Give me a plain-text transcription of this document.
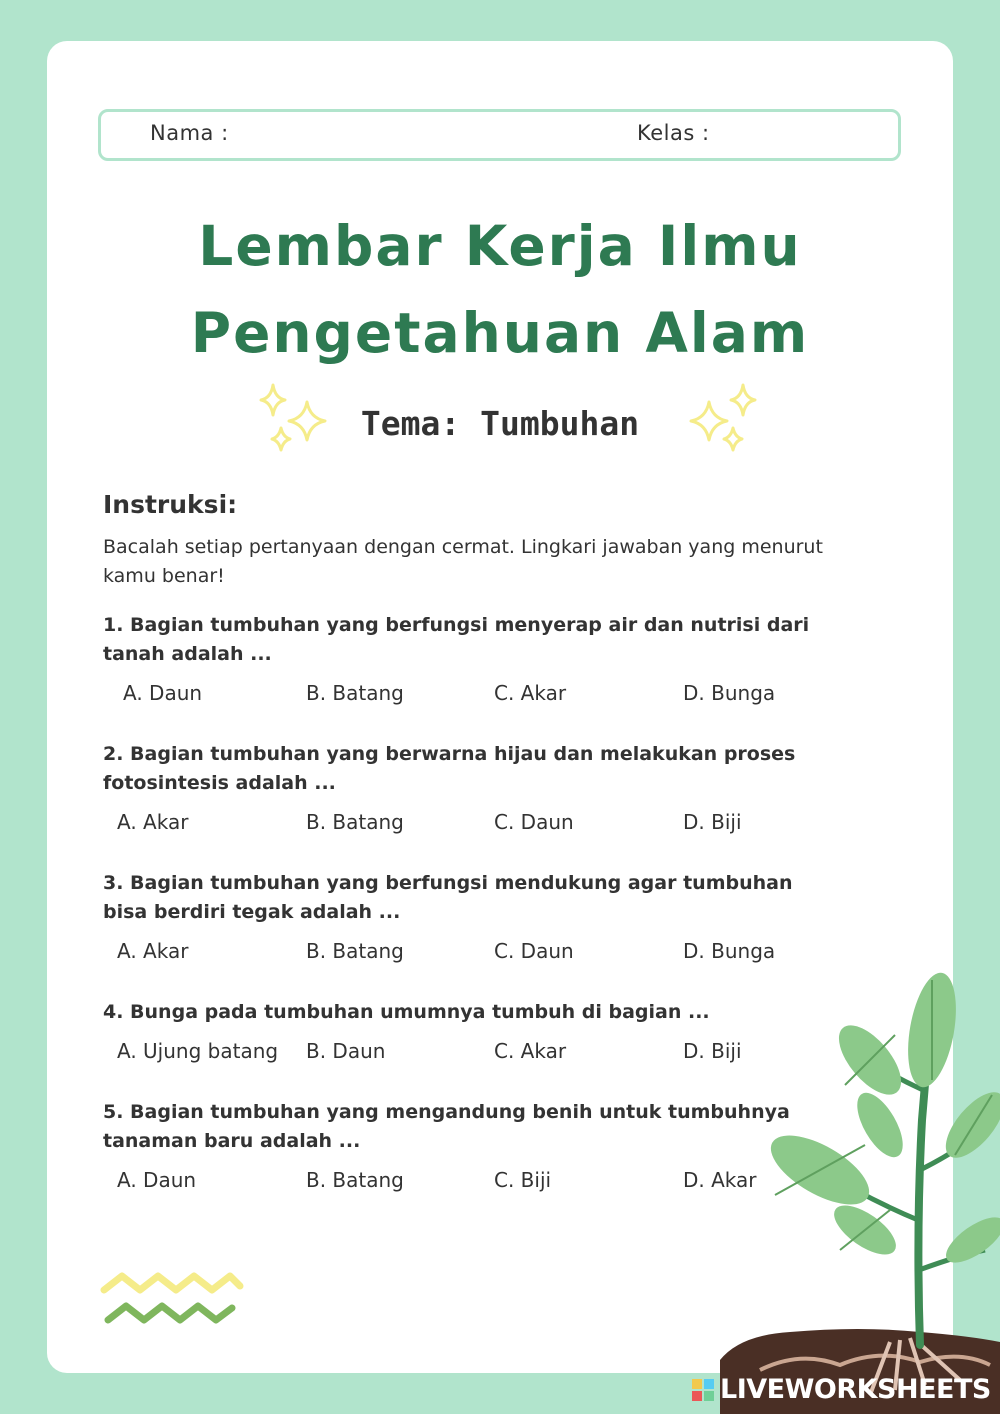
Nama :	Kelas :
Lembar Kerja Ilmu
Pengetahuan Alam
Tema: Tumbuhan
Instruksi:
Bacalah setiap pertanyaan dengan cermat. Lingkari jawaban yang menurut kamu benar!
1. Bagian tumbuhan yang berfungsi menyerap air dan nutrisi dari tanah adalah ...
A. Daun	B. Batang	C. Akar	D. Bunga
2. Bagian tumbuhan yang berwarna hijau dan melakukan proses fotosintesis adalah ...
A. Akar	B. Batang	C. Daun	D. Biji
3. Bagian tumbuhan yang berfungsi mendukung agar tumbuhan bisa berdiri tegak adalah ...
A. Akar	B. Batang	C. Daun	D. Bunga
4. Bunga pada tumbuhan umumnya tumbuh di bagian ...
A. Ujung batang B. Daun	C. Akar	D. Biji
5. Bagian tumbuhan yang mengandung benih untuk tumbuhnya tanaman baru adalah ...
A. Daun	B. Batang	C. Biji	D. Akar
LIVEWORKSHEETS
